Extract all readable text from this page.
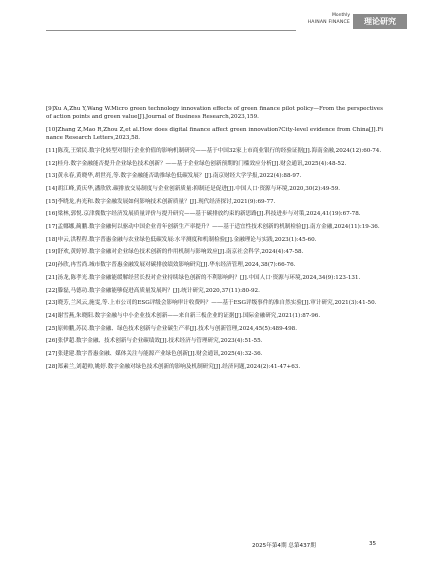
Monthly
HAINAN FINANCE	理论研究

[9]Xu A,Zhu Y,Wang W.Micro green technology innovation effects of green finance pilot policy—From the perspectives of action points and green value[J].Journal of Business Research,2023,159.

[10]Zhang Z,Mao R,Zhou Z,et al.How does digital finance affect green innovation?City-level evidence from China[J].Finance Research Letters,2023,58.

[11]陈茂,王梁民.数字化转型对银行企业价值的影响机制研究——基于中国32家上市商业银行的经验证据[J].海南金融,2024(12):60-74.

[12]桂舟.数字金融能否提升企业绿色技术创新？——基于企业绿色创新预期的门槛效应分析[J].财会通讯,2025(4):48-52.

[13]黄永春,黄晓华,胡世亮,等.数字金融能否助推绿色低碳发展？[J].南京财经大学学报,2022(4):88-97.

[14]胡江峰,黄庆华,潘欣欣.碳排放交易制度与企业创新质量:抑制还是促进[J].中国人口·资源与环境,2020,30(2):49-59.

[15]李晓龙,冉光和.数字金融发展如何影响技术创新质量？[J].现代经济探讨,2021(9):69-77.

[16]梁林,郭悦.京津冀数字经济发展质量评价与提升研究——基于碳排放约束的新思路[J].科技进步与对策,2024,41(19):67-78.

[17]孟娜娜,蔺鹏.数字金融何以驱动中国企业青年创新生产率提升？——基于适宜性技术创新的机制检验[J].南方金融,2024(11):19-36.

[18]申云,洪程程.数字普惠金融与农业绿色低碳发展:水平测度和机制检验[J].金融理论与实践,2023(1):45-60.

[19]舒欢,黄婷婷.数字金融对企业绿色技术创新的作用机制与影响效应[J].南京社会科学,2024(4):47-58.

[20]孙欣,冉雪尚.城市数字普惠金融发展对碳排放绩效影响研究[J].华东经济管理,2024,38(7):66-76.

[21]汤龙,陈孝光.数字金融能缓解经营长投对企业持续绿色创新的不利影响吗？[J].中国人口·资源与环境,2024,34(9):123-131.

[22]滕磊,马德功.数字金融能够促进高质量发展吗？[J].统计研究,2020,37(11):80-92.

[23]晓芳,兰风云,施雯,等.上市公司的ESG评级会影响审计收费吗？——基于ESG评级事件的准自然实验[J].审计研究,2021(3):41-50.

[24]谢雪燕,朱晓阳.数字金融与中小企业技术创新——来自新三板企业的证据[J].国际金融研究,2021(1):87-96.

[25]原帅鹏,苏民.数字金融、绿色技术创新与企业碳生产率[J].技术与创新管理,2024,45(5):489-498.

[26]张伊超.数字金融、技术创新与企业碳绩效[J].技术经济与管理研究,2023(4):51-55.

[27]张建建.数字普惠金融、媒体关注与能源产业绿色创新[J].财会通讯,2025(4):32-36.

[28]郑素兰,刘超帅,姚婷.数字金融对绿色技术创新的影响及机制研究[J].经济问题,2024(2):41-47+63.

2025年第4期 总第437期	35
